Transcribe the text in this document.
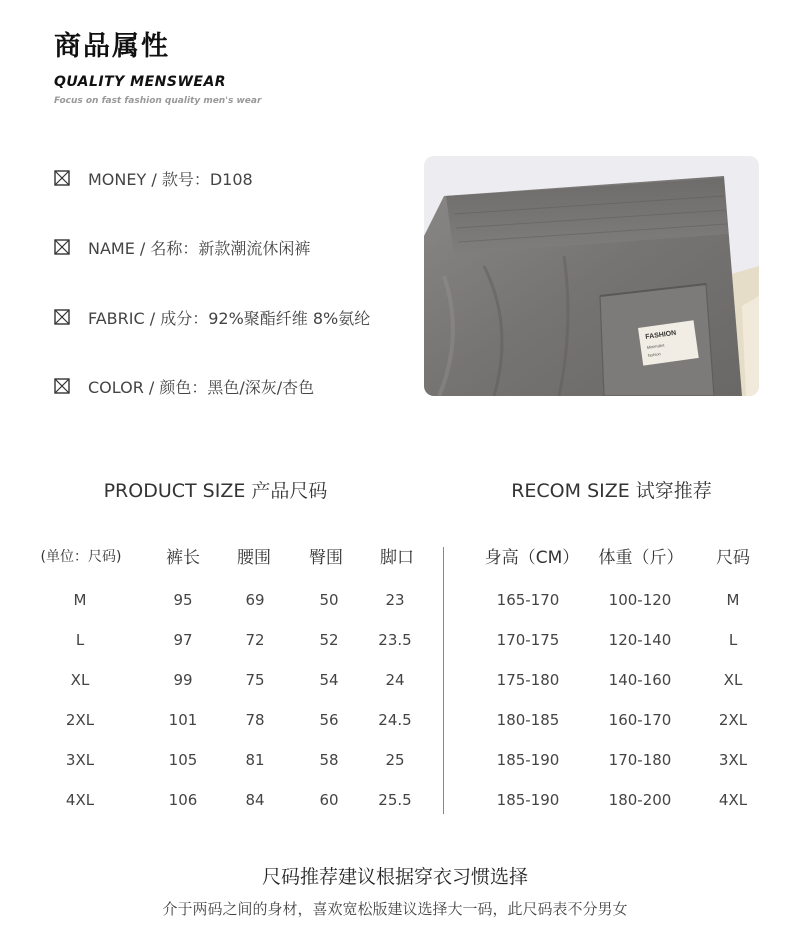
商品属性
QUALITY MENSWEAR
Focus on fast fashion quality men's wear
MONEY / 款号：D108
NAME / 名称：新款潮流休闲裤
FABRIC / 成分：92%聚酯纤维 8%氨纶
COLOR / 颜色：黑色/深灰/杏色
FASHION
Minimalist
fashion
PRODUCT SIZE 产品尺码	RECOM SIZE 试穿推荐
(单位：尺码)	裤长 腰围 臀围 脚口	身高（CM） 体重（斤） 尺码
M	95	69	50	23
L	97	72	52	23.5
XL	99	75	54	24
2XL	101	78	56	24.5
3XL	105	81	58	25
4XL	106	84	60	25.5
165-170	100-120	M
170-175	120-140	L
175-180	140-160	XL
180-185	160-170	2XL
185-190	170-180	3XL
185-190	180-200	4XL
尺码推荐建议根据穿衣习惯选择
介于两码之间的身材，喜欢宽松版建议选择大一码，此尺码表不分男女
